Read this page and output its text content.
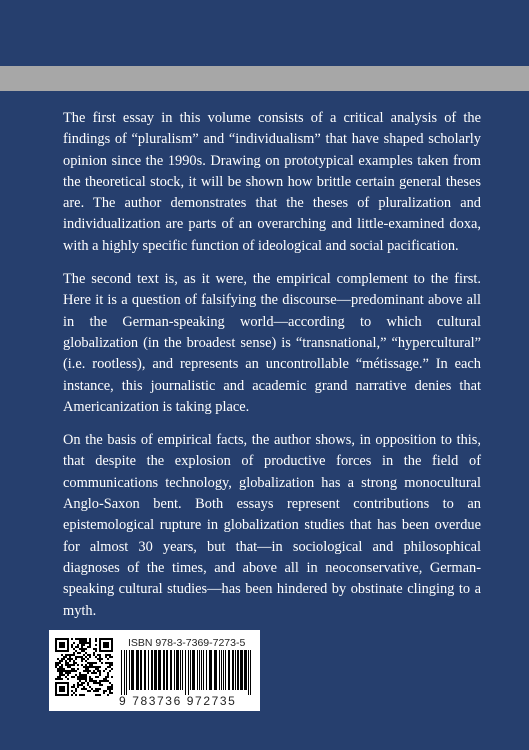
The first essay in this volume consists of a critical analysis of the findings of “pluralism” and “individualism” that have shaped scholarly opinion since the 1990s. Drawing on prototypical examples taken from the theoretical stock, it will be shown how brittle certain general theses are. The author demonstrates that the theses of pluralization and individualization are parts of an overarching and little-examined doxa, with a highly specific function of ideological and social pacification.

The second text is, as it were, the empirical complement to the first. Here it is a question of falsifying the discourse—predominant above all in the German-speaking world—according to which cultural globalization (in the broadest sense) is “transnational,” “hypercultural” (i.e. rootless), and represents an uncontrollable “métissage.” In each instance, this journalistic and academic grand narrative denies that Americanization is taking place.

On the basis of empirical facts, the author shows, in opposition to this, that despite the explosion of productive forces in the field of communications technology, globalization has a strong monocultural Anglo-Saxon bent. Both essays represent contributions to an epistemological rupture in globalization studies that has been overdue for almost 30 years, but that—in sociological and philosophical diagnoses of the times, and above all in neoconservative, German-speaking cultural studies—has been hindered by obstinate clinging to a myth.

ISBN 978-3-7369-7273-5
9 783736 972735
